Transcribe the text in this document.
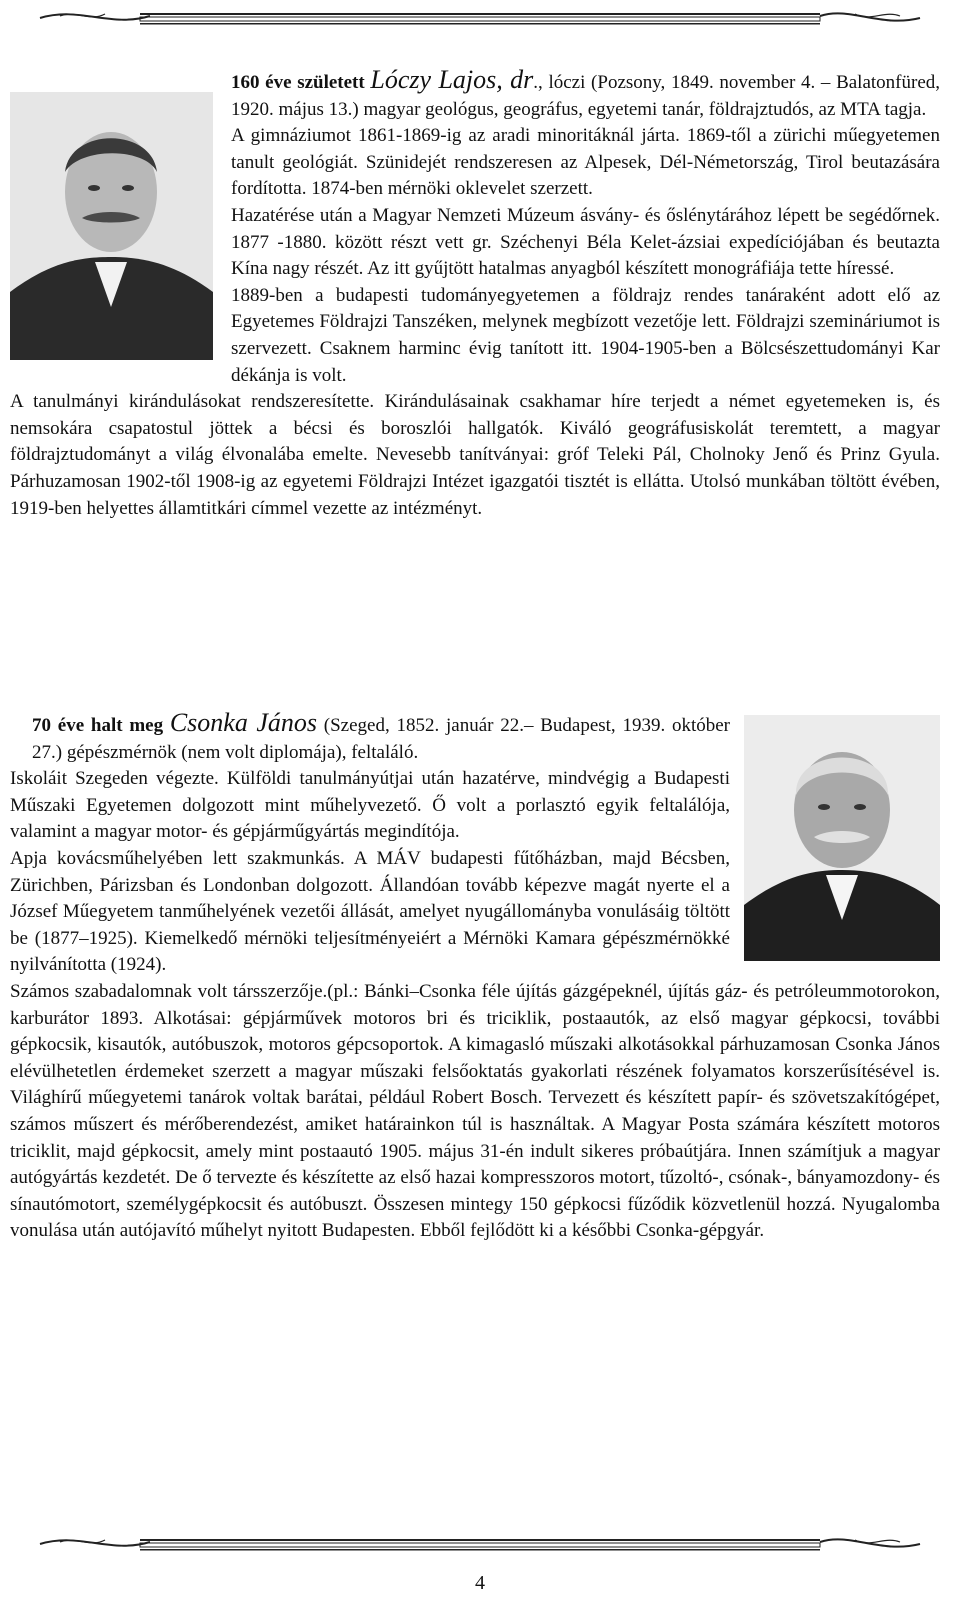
160 éve született Lóczy Lajos, dr., lóczi (Pozsony, 1849. november 4. – Balatonfüred, 1920. május 13.) magyar geológus, geográfus, egyetemi tanár, földrajztudós, az MTA tagja.

A gimnáziumot 1861-1869-ig az aradi minoritáknál járta. 1869-től a zürichi műegyetemen tanult geológiát. Szünidejét rendszeresen az Alpesek, Dél-Németország, Tirol beutazására fordította. 1874-ben mérnöki oklevelet szerzett.

Hazatérése után a Magyar Nemzeti Múzeum ásvány- és őslénytárához lépett be segédőrnek. 1877 -1880. között részt vett gr. Széchenyi Béla Kelet-ázsiai expedíciójában és beutazta Kína nagy részét. Az itt gyűjtött hatalmas anyagból készített monográfiája tette híressé.

1889-ben a budapesti tudományegyetemen a földrajz rendes tanáraként adott elő az Egyetemes Földrajzi Tanszéken, melynek megbízott vezetője lett. Földrajzi szemináriumot is szervezett. Csaknem harminc évig tanított itt. 1904-1905-ben a Bölcsészettudományi Kar dékánja is volt.

A tanulmányi kirándulásokat rendszeresítette. Kirándulásainak csakhamar híre terjedt a német egyetemeken is, és nemsokára csapatostul jöttek a bécsi és boroszlói hallgatók. Kiváló geográfusiskolát teremtett, a magyar földrajztudományt a világ élvonalába emelte. Nevesebb tanítványai: gróf Teleki Pál, Cholnoky Jenő és Prinz Gyula. Párhuzamosan 1902-től 1908-ig az egyetemi Földrajzi Intézet igazgatói tisztét is ellátta. Utolsó munkában töltött évében, 1919-ben helyettes államtitkári címmel vezette az intézményt.

70 éve halt meg Csonka János (Szeged, 1852. január 22.– Budapest, 1939. október 27.) gépészmérnök (nem volt diplomája), feltaláló.

Iskoláit Szegeden végezte. Külföldi tanulmányútjai után hazatérve, mindvégig a Budapesti Műszaki Egyetemen dolgozott mint műhelyvezető. Ő volt a porlasztó egyik feltalálója, valamint a magyar motor- és gépjárműgyártás megindítója.

Apja kovácsműhelyében lett szakmunkás. A MÁV budapesti fűtőházban, majd Bécsben, Zürichben, Párizsban és Londonban dolgozott. Állandóan tovább képezve magát nyerte el a József Műegyetem tanműhelyének vezetői állását, amelyet nyugállományba vonulásáig töltött be (1877–1925). Kiemelkedő mérnöki teljesítményeiért a Mérnöki Kamara gépészmérnökké nyilvánította (1924).

Számos szabadalomnak volt társszerzője.(pl.: Bánki–Csonka féle újítás gázgépeknél, újítás gáz- és petróleummotorokon, karburátor 1893. Alkotásai: gépjárművek motoros bri és triciklik, postaautók, az első magyar gépkocsi, további gépkocsik, kisautók, autóbuszok, motoros gépcsoportok. A kimagasló műszaki alkotásokkal párhuzamosan Csonka János elévülhetetlen érdemeket szerzett a magyar műszaki felsőoktatás gyakorlati részének folyamatos korszerűsítésével is. Világhírű műegyetemi tanárok voltak barátai, például Robert Bosch. Tervezett és készített papír- és szövetszakítógépet, számos műszert és mérőberendezést, amiket határainkon túl is használtak. A Magyar Posta számára készített motoros triciklit, majd gépkocsit, amely mint postaautó 1905. május 31-én indult sikeres próbaútjára. Innen számítjuk a magyar autógyártás kezdetét. De ő tervezte és készítette az első hazai kompresszoros motort, tűzoltó-, csónak-, bányamozdony- és sínautómotort, személygépkocsit és autóbuszt. Összesen mintegy 150 gépkocsi fűződik közvetlenül hozzá. Nyugalomba vonulása után autójavító műhelyt nyitott Budapesten. Ebből fejlődött ki a későbbi Csonka-gépgyár.

4
